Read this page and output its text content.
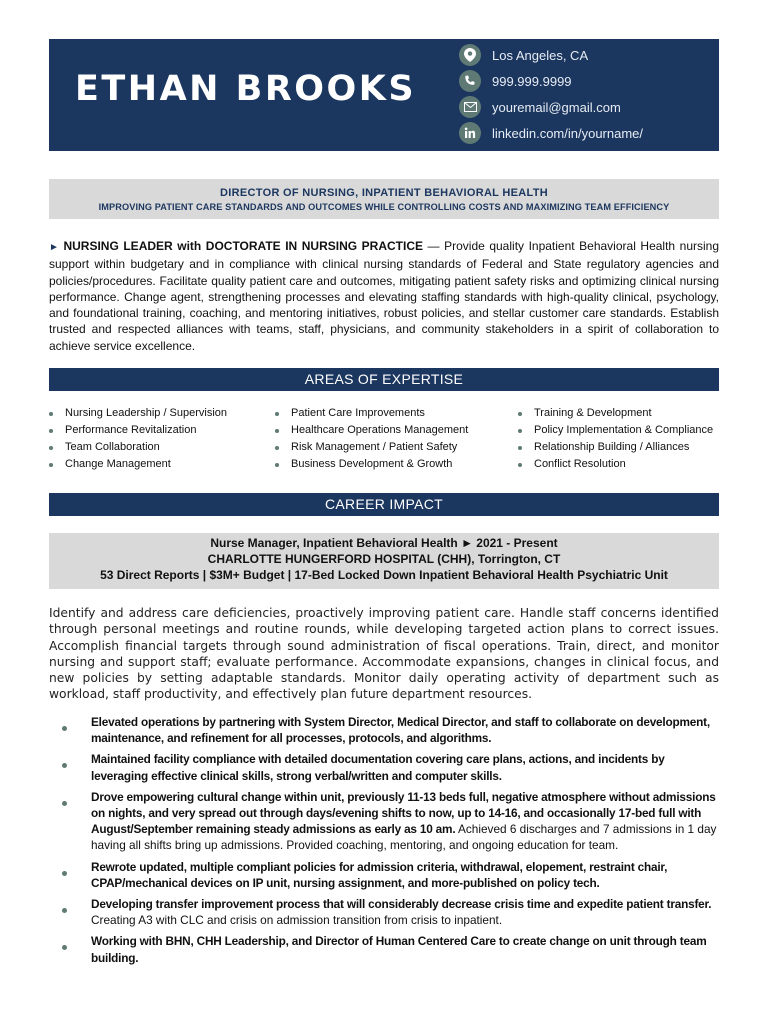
ETHAN BROOKS
Los Angeles, CA
999.999.9999
youremail@gmail.com
linkedin.com/in/yourname/
DIRECTOR OF NURSING, INPATIENT BEHAVIORAL HEALTH
IMPROVING PATIENT CARE STANDARDS AND OUTCOMES WHILE CONTROLLING COSTS AND MAXIMIZING TEAM EFFICIENCY
► NURSING LEADER with DOCTORATE IN NURSING PRACTICE — Provide quality Inpatient Behavioral Health nursing support within budgetary and in compliance with clinical nursing standards of Federal and State regulatory agencies and policies/procedures. Facilitate quality patient care and outcomes, mitigating patient safety risks and optimizing clinical nursing performance. Change agent, strengthening processes and elevating staffing standards with high-quality clinical, psychology, and foundational training, coaching, and mentoring initiatives, robust policies, and stellar customer care standards. Establish trusted and respected alliances with teams, staff, physicians, and community stakeholders in a spirit of collaboration to achieve service excellence.
AREAS OF EXPERTISE
Nursing Leadership / Supervision
Performance Revitalization
Team Collaboration
Change Management
Patient Care Improvements
Healthcare Operations Management
Risk Management / Patient Safety
Business Development & Growth
Training & Development
Policy Implementation & Compliance
Relationship Building / Alliances
Conflict Resolution
CAREER IMPACT
Nurse Manager, Inpatient Behavioral Health ► 2021 - Present
CHARLOTTE HUNGERFORD HOSPITAL (CHH), Torrington, CT
53 Direct Reports | $3M+ Budget | 17-Bed Locked Down Inpatient Behavioral Health Psychiatric Unit
Identify and address care deficiencies, proactively improving patient care. Handle staff concerns identified through personal meetings and routine rounds, while developing targeted action plans to correct issues. Accomplish financial targets through sound administration of fiscal operations. Train, direct, and monitor nursing and support staff; evaluate performance. Accommodate expansions, changes in clinical focus, and new policies by setting adaptable standards. Monitor daily operating activity of department such as workload, staff productivity, and effectively plan future department resources.
Elevated operations by partnering with System Director, Medical Director, and staff to collaborate on development, maintenance, and refinement for all processes, protocols, and algorithms.
Maintained facility compliance with detailed documentation covering care plans, actions, and incidents by leveraging effective clinical skills, strong verbal/written and computer skills.
Drove empowering cultural change within unit, previously 11-13 beds full, negative atmosphere without admissions on nights, and very spread out through days/evening shifts to now, up to 14-16, and occasionally 17-bed full with August/September remaining steady admissions as early as 10 am. Achieved 6 discharges and 7 admissions in 1 day having all shifts bring up admissions. Provided coaching, mentoring, and ongoing education for team.
Rewrote updated, multiple compliant policies for admission criteria, withdrawal, elopement, restraint chair, CPAP/mechanical devices on IP unit, nursing assignment, and more-published on policy tech.
Developing transfer improvement process that will considerably decrease crisis time and expedite patient transfer. Creating A3 with CLC and crisis on admission transition from crisis to inpatient.
Working with BHN, CHH Leadership, and Director of Human Centered Care to create change on unit through team building.
